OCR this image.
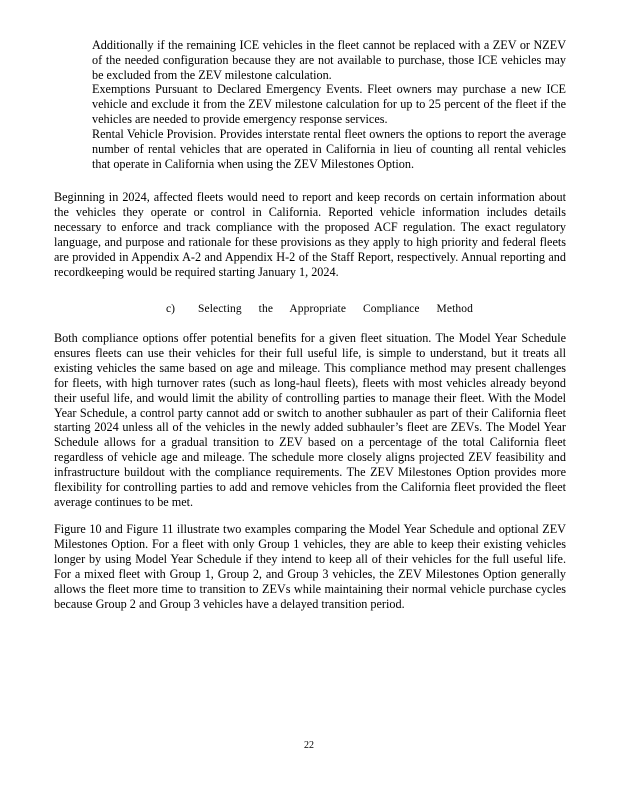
Additionally if the remaining ICE vehicles in the fleet cannot be replaced with a ZEV or NZEV of the needed configuration because they are not available to purchase, those ICE vehicles may be excluded from the ZEV milestone calculation.

Exemptions Pursuant to Declared Emergency Events. Fleet owners may purchase a new ICE vehicle and exclude it from the ZEV milestone calculation for up to 25 percent of the fleet if the vehicles are needed to provide emergency response services.
Rental Vehicle Provision. Provides interstate rental fleet owners the options to report the average number of rental vehicles that are operated in California in lieu of counting all rental vehicles that operate in California when using the ZEV Milestones Option.

Beginning in 2024, affected fleets would need to report and keep records on certain information about the vehicles they operate or control in California. Reported vehicle information includes details necessary to enforce and track compliance with the proposed ACF regulation. The exact regulatory language, and purpose and rationale for these provisions as they apply to high priority and federal fleets are provided in Appendix A-2 and Appendix H-2 of the Staff Report, respectively. Annual reporting and recordkeeping would be required starting January 1, 2024.

c)	Selecting the Appropriate Compliance Method

Both compliance options offer potential benefits for a given fleet situation. The Model Year Schedule ensures fleets can use their vehicles for their full useful life, is simple to understand, but it treats all existing vehicles the same based on age and mileage. This compliance method may present challenges for fleets, with high turnover rates (such as long-haul fleets), fleets with most vehicles already beyond their useful life, and would limit the ability of controlling parties to manage their fleet. With the Model Year Schedule, a control party cannot add or switch to another subhauler as part of their California fleet starting 2024 unless all of the vehicles in the newly added subhauler’s fleet are ZEVs. The Model Year Schedule allows for a gradual transition to ZEV based on a percentage of the total California fleet regardless of vehicle age and mileage. The schedule more closely aligns projected ZEV feasibility and infrastructure buildout with the compliance requirements. The ZEV Milestones Option provides more flexibility for controlling parties to add and remove vehicles from the California fleet provided the fleet average continues to be met.

Figure 10 and Figure 11 illustrate two examples comparing the Model Year Schedule and optional ZEV Milestones Option. For a fleet with only Group 1 vehicles, they are able to keep their existing vehicles longer by using Model Year Schedule if they intend to keep all of their vehicles for the full useful life. For a mixed fleet with Group 1, Group 2, and Group 3 vehicles, the ZEV Milestones Option generally allows the fleet more time to transition to ZEVs while maintaining their normal vehicle purchase cycles because Group 2 and Group 3 vehicles have a delayed transition period.

22
